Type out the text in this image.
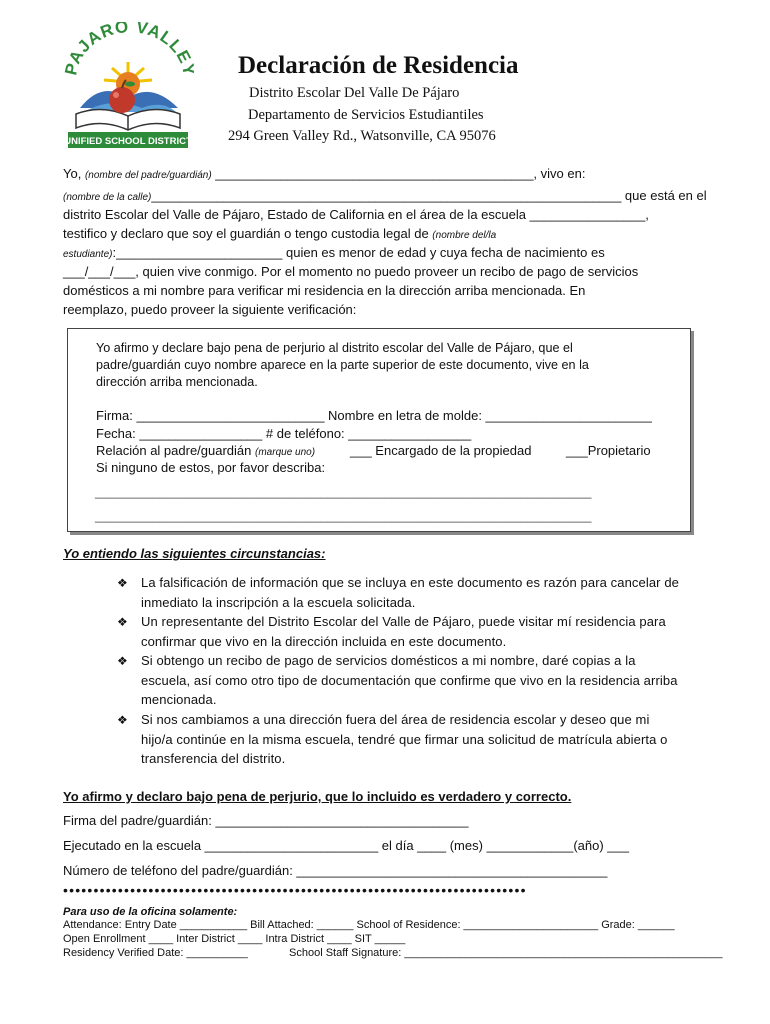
PAJARO VALLE
UNIFIED SCHOOL DISTRICT
Declaración de Residencia
Distrito Escolar Del Valle De Pájaro
Departamento de Servicios Estudiantiles
294 Green Valley Rd., Watsonville, CA 95076
Yo, (nombre del padre/guardián) ____________________________________________, vivo en:
(nombre de la calle)_________________________________________________________________ que está en el
distrito Escolar del Valle de Pájaro, Estado de California en el área de la escuela ________________,
testifico y declaro que soy el guardián o tengo custodia legal de (nombre del/la
estudiante):_______________________ quien es menor de edad y cuya fecha de nacimiento es
___/___/___, quien vive conmigo. Por el momento no puedo proveer un recibo de pago de servicios
domésticos a mi nombre para verificar mi residencia en la dirección arriba mencionada. En
reemplazo, puedo proveer la siguiente verificación:
Yo afirmo y declare bajo pena de perjurio al distrito escolar del Valle de Pájaro, que el
padre/guardián cuyo nombre aparece en la parte superior de este documento, vive en la
dirección arriba mencionada.
Firma: __________________________ Nombre en letra de molde: _______________________
Fecha: _________________ # de teléfono: _________________
Relación al padre/guardián (marque uno)	___ Encargado de la propiedad	___Propietario
Si ninguno de estos, por favor describa:
_____________________________________________________________________________
_____________________________________________________________________________
Yo entiendo las siguientes circunstancias:
❖	La falsificación de información que se incluya en este documento es razón para cancelar de inmediato la inscripción a la escuela solicitada.
❖	Un representante del Distrito Escolar del Valle de Pájaro, puede visitar mí residencia para confirmar que vivo en la dirección incluida en este documento.
❖	Si obtengo un recibo de pago de servicios domésticos a mi nombre, daré copias a la escuela, así como otro tipo de documentación que confirme que vivo en la residencia arriba mencionada.
❖	Si nos cambiamos a una dirección fuera del área de residencia escolar y deseo que mi hijo/a continúe en la misma escuela, tendré que firmar una solicitud de matrícula abierta o transferencia del distrito.
Yo afirmo y declaro bajo pena de perjurio, que lo incluido es verdadero y correcto.
Firma del padre/guardián: ___________________________________
Ejecutado en la escuela ________________________ el día ____ (mes) ____________(año) ___
Número de teléfono del padre/guardián: ___________________________________________
••••••••••••••••••••••••••••••••••••••••••••••••••••••••••••••••••••••••••••
Para uso de la oficina solamente:
Attendance: Entry Date ___________ Bill Attached: ______ School of Residence: ______________________ Grade: ______
Open Enrollment ____ Inter District ____ Intra District ____ SIT _____
Residency Verified Date: __________	School Staff Signature: ____________________________________________________
